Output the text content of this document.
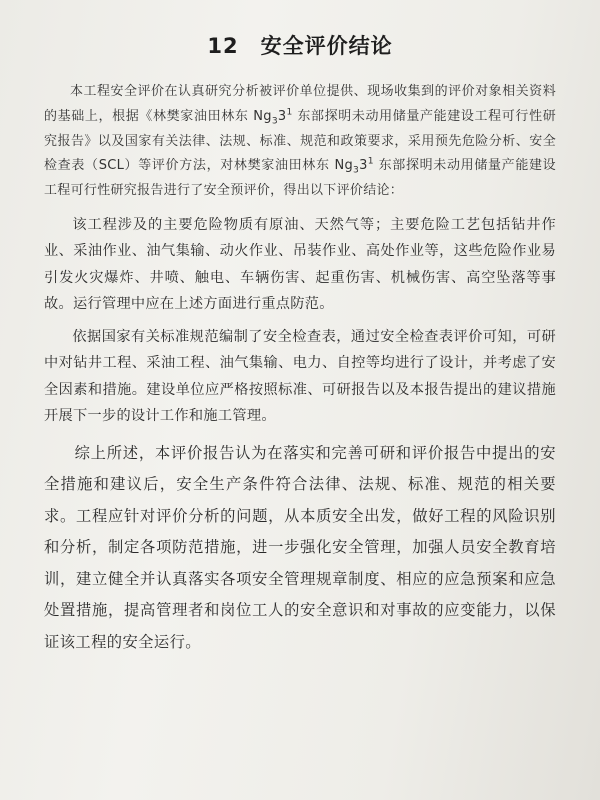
12 安全评价结论

本工程安全评价在认真研究分析被评价单位提供、现场收集到的评价对象相关资料的基础上，根据《林樊家油田林东 $Ng_33^1$ 东部探明未动用储量产能建设工程可行性研究报告》以及国家有关法律、法规、标准、规范和政策要求，采用预先危险分析、安全检查表（SCL）等评价方法，对林樊家油田林东 $Ng_33^1$ 东部探明未动用储量产能建设工程可行性研究报告进行了安全预评价，得出以下评价结论：

该工程涉及的主要危险物质有原油、天然气等；主要危险工艺包括钻井作业、采油作业、油气集输、动火作业、吊装作业、高处作业等，这些危险作业易引发火灾爆炸、井喷、触电、车辆伤害、起重伤害、机械伤害、高空坠落等事故。运行管理中应在上述方面进行重点防范。

依据国家有关标准规范编制了安全检查表，通过安全检查表评价可知，可研中对钻井工程、采油工程、油气集输、电力、自控等均进行了设计，并考虑了安全因素和措施。建设单位应严格按照标准、可研报告以及本报告提出的建议措施开展下一步的设计工作和施工管理。

综上所述，本评价报告认为在落实和完善可研和评价报告中提出的安全措施和建议后，安全生产条件符合法律、法规、标准、规范的相关要求。工程应针对评价分析的问题，从本质安全出发，做好工程的风险识别和分析，制定各项防范措施，进一步强化安全管理，加强人员安全教育培训，建立健全并认真落实各项安全管理规章制度、相应的应急预案和应急处置措施，提高管理者和岗位工人的安全意识和对事故的应变能力，以保证该工程的安全运行。
